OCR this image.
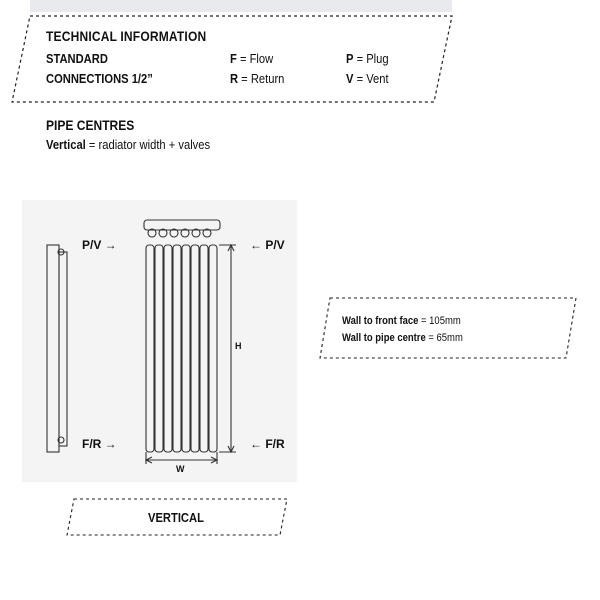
TECHNICAL INFORMATION
STANDARD
CONNECTIONS 1/2”
F = Flow
R = Return
P = Plug
V = Vent
PIPE CENTRES
Vertical = radiator width + valves
P/V →	← P/V
F/R →	← F/R
H
W
Wall to front face = 105mm
Wall to pipe centre = 65mm
VERTICAL
